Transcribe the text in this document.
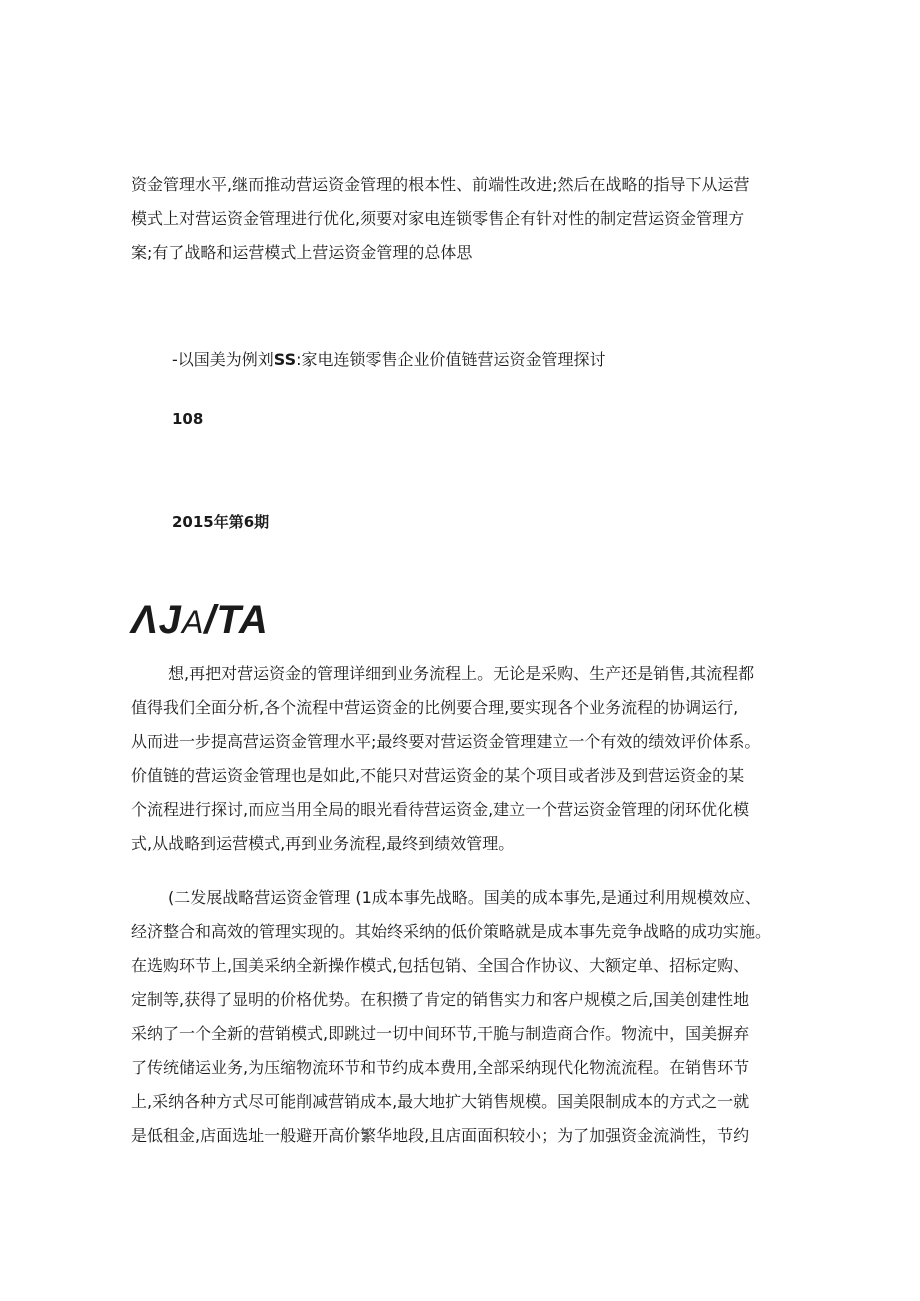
资金管理水平,继而推动营运资金管理的根本性、前端性改进;然后在战略的指导下从运营
模式上对营运资金管理进行优化,须要对家电连锁零售企有针对性的制定营运资金管理方
案;有了战略和运营模式上营运资金管理的总体思
-以国美为例刘SS:家电连锁零售企业价值链营运资金管理探讨
108
2015年第6期
ΛJA/TA
想,再把对营运资金的管理详细到业务流程上。无论是采购、生产还是销售,其流程都
值得我们全面分析,各个流程中营运资金的比例要合理,要实现各个业务流程的协调运行,
从而进一步提高营运资金管理水平;最终要对营运资金管理建立一个有效的绩效评价体系。
价值链的营运资金管理也是如此,不能只对营运资金的某个项目或者涉及到营运资金的某
个流程进行探讨,而应当用全局的眼光看待营运资金,建立一个营运资金管理的闭环优化模
式,从战略到运营模式,再到业务流程,最终到绩效管理。
(二发展战略营运资金管理 (1成本事先战略。国美的成本事先,是通过利用规模效应、
经济整合和高效的管理实现的。其始终采纳的低价策略就是成本事先竞争战略的成功实施。
在选购环节上,国美采纳全新操作模式,包括包销、全国合作协议、大额定单、招标定购、
定制等,获得了显明的价格优势。在积攒了肯定的销售实力和客户规模之后,国美创建性地
采纳了一个全新的营销模式,即跳过一切中间环节,干脆与制造商合作。物流中，国美摒弃
了传统储运业务,为压缩物流环节和节约成本费用,全部采纳现代化物流流程。在销售环节
上,采纳各种方式尽可能削减营销成本,最大地扩大销售规模。国美限制成本的方式之一就
是低租金,店面选址一般避开高价繁华地段,且店面面积较小；为了加强资金流淌性，节约
